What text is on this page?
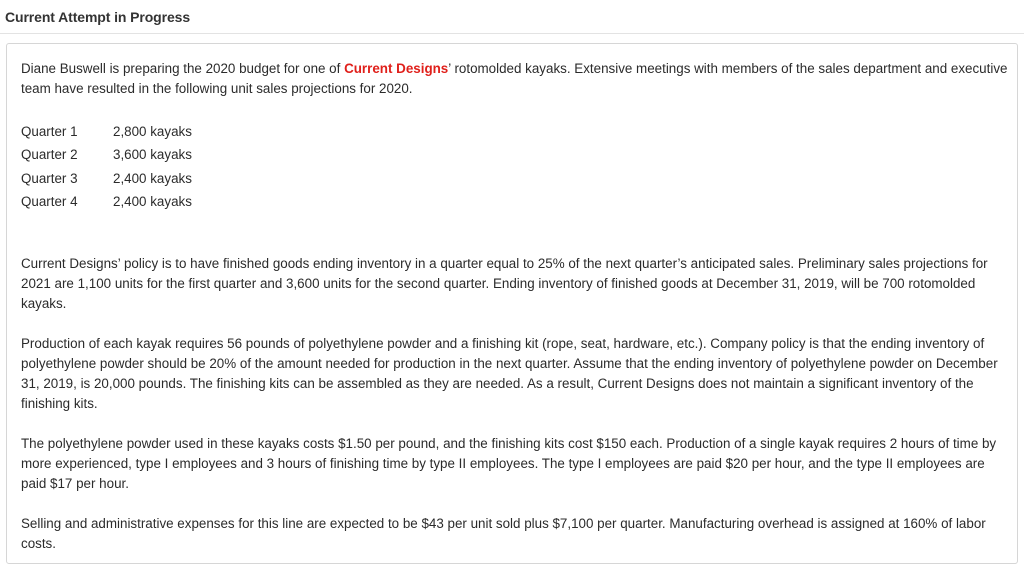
Current Attempt in Progress

Diane Buswell is preparing the 2020 budget for one of Current Designs’ rotomolded kayaks. Extensive meetings with members of the sales department and executive team have resulted in the following unit sales projections for 2020.

Quarter 1	2,800 kayaks
Quarter 2	3,600 kayaks
Quarter 3	2,400 kayaks
Quarter 4	2,400 kayaks

Current Designs’ policy is to have finished goods ending inventory in a quarter equal to 25% of the next quarter’s anticipated sales. Preliminary sales projections for 2021 are 1,100 units for the first quarter and 3,600 units for the second quarter. Ending inventory of finished goods at December 31, 2019, will be 700 rotomolded kayaks.

Production of each kayak requires 56 pounds of polyethylene powder and a finishing kit (rope, seat, hardware, etc.). Company policy is that the ending inventory of polyethylene powder should be 20% of the amount needed for production in the next quarter. Assume that the ending inventory of polyethylene powder on December 31, 2019, is 20,000 pounds. The finishing kits can be assembled as they are needed. As a result, Current Designs does not maintain a significant inventory of the finishing kits.

The polyethylene powder used in these kayaks costs $1.50 per pound, and the finishing kits cost $150 each. Production of a single kayak requires 2 hours of time by more experienced, type I employees and 3 hours of finishing time by type II employees. The type I employees are paid $20 per hour, and the type II employees are paid $17 per hour.

Selling and administrative expenses for this line are expected to be $43 per unit sold plus $7,100 per quarter. Manufacturing overhead is assigned at 160% of labor costs.
